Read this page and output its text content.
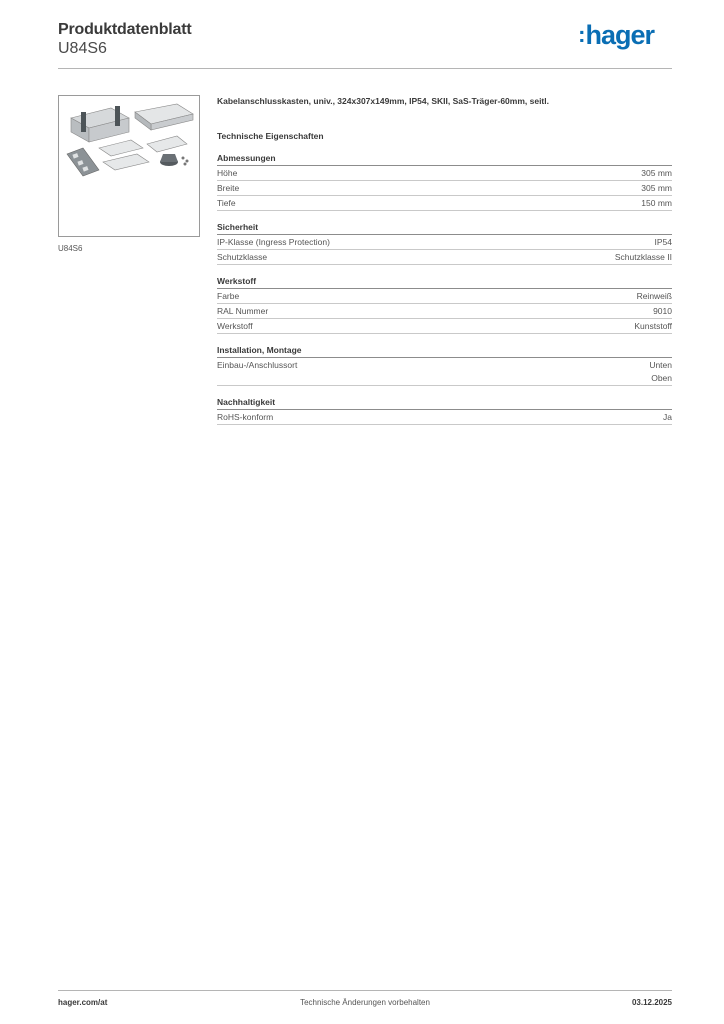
Produktdatenblatt
U84S6
:hager
U84S6
Kabelanschlusskasten, univ., 324x307x149mm, IP54, SKII, SaS-Träger-60mm, seitl.
Technische Eigenschaften
Abmessungen
Höhe	305 mm
Breite	305 mm
Tiefe	150 mm
Sicherheit
IP-Klasse (Ingress Protection)	IP54
Schutzklasse	Schutzklasse II
Werkstoff
Farbe	Reinweiß
RAL Nummer	9010
Werkstoff	Kunststoff
Installation, Montage
Einbau-/Anschlussort	Unten
Oben
Nachhaltigkeit
RoHS-konform	Ja
hager.com/at	Technische Änderungen vorbehalten	03.12.2025
